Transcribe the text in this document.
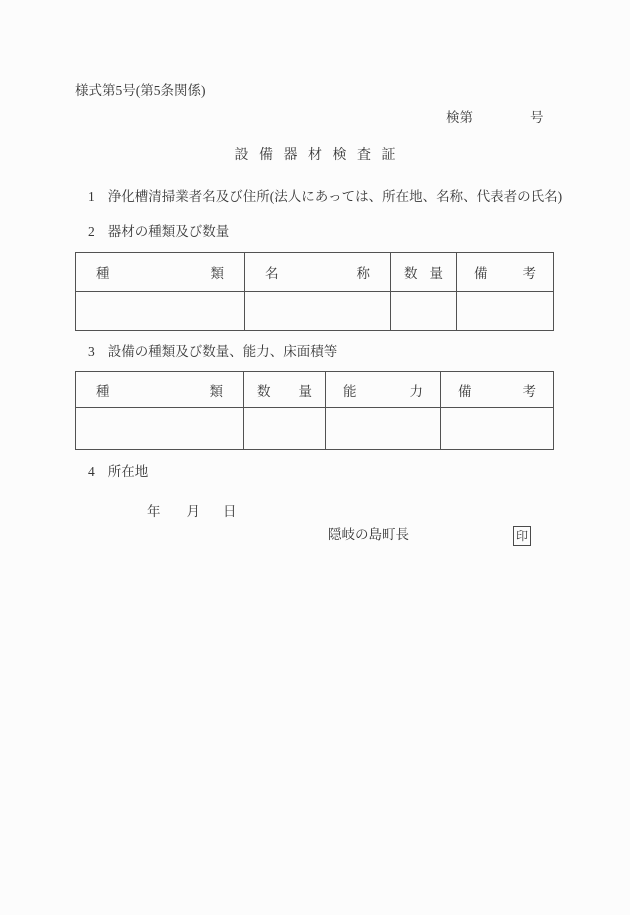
様式第5号(第5条関係)
検第	号
設 備 器 材 検 査 証
1 浄化槽清掃業者名及び住所(法人にあっては、所在地、名称、代表者の氏名)
2 器材の種類及び数量
種 類	名 称	数 量	備 考

3 設備の種類及び数量、能力、床面積等
種 類	数 量	能 力	備 考

4 所在地
年 月 日
隠岐の島町長	印
